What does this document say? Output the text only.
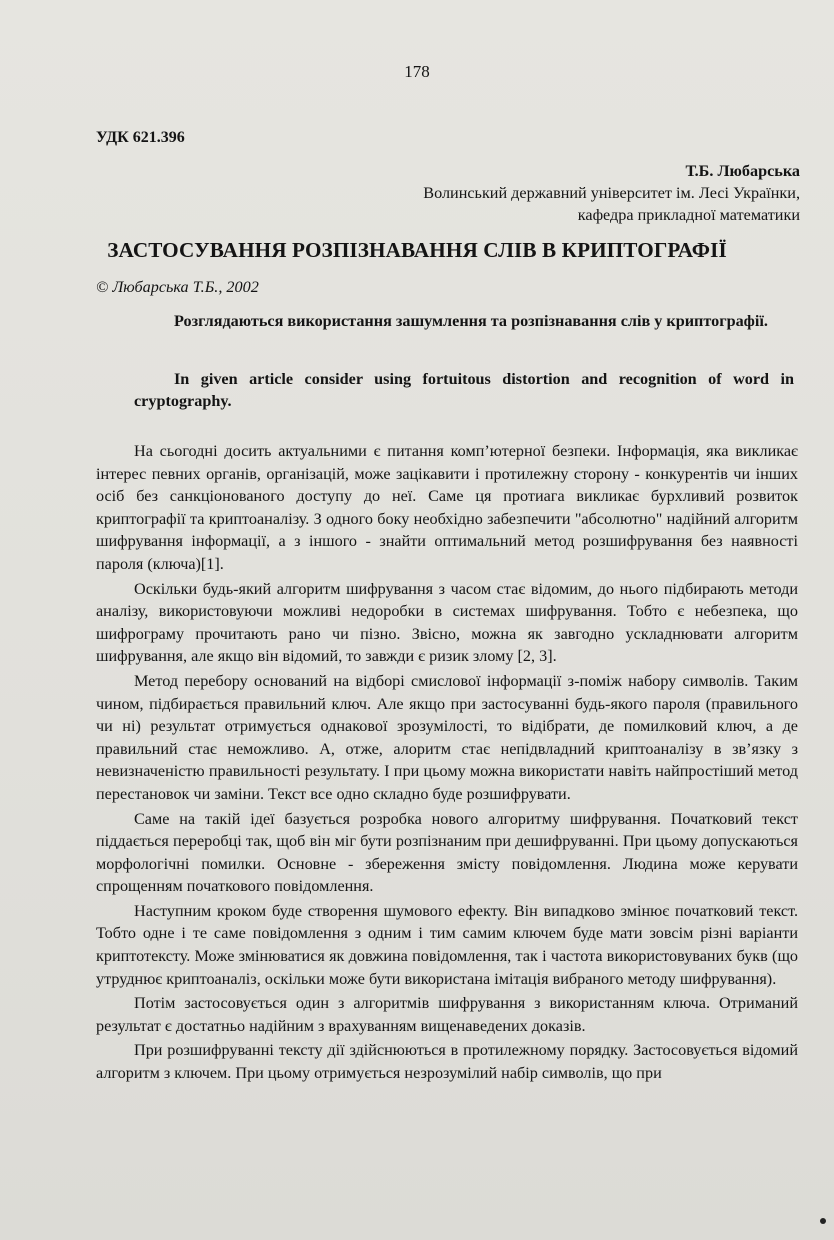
178
УДК 621.396
Т.Б. Любарська
Волинський державний університет ім. Лесі Українки,
кафедра прикладної математики
ЗАСТОСУВАННЯ РОЗПІЗНАВАННЯ СЛІВ В КРИПТОГРАФІЇ
© Любарська Т.Б., 2002

Розглядаються використання зашумлення та розпізнавання слів у криптографії.

In given article consider using fortuitous distortion and recognition of word in cryptography.

На сьогодні досить актуальними є питання комп’ютерної безпеки. Інформація, яка викликає інтерес певних органів, організацій, може зацікавити і протилежну сторону - конкурентів чи інших осіб без санкціонованого доступу до неї. Саме ця протиага викликає бурхливий розвиток криптографії та криптоаналізу. З одного боку необхідно забезпечити "абсолютно" надійний алгоритм шифрування інформації, а з іншого - знайти оптимальний метод розшифрування без наявності пароля (ключа)[1].

Оскільки будь-який алгоритм шифрування з часом стає відомим, до нього підбирають методи аналізу, використовуючи можливі недоробки в системах шифрування. Тобто є небезпека, що шифрограму прочитають рано чи пізно. Звісно, можна як завгодно ускладнювати алгоритм шифрування, але якщо він відомий, то завжди є ризик злому [2, 3].

Метод перебору оснований на відборі смислової інформації з-поміж набору символів. Таким чином, підбирається правильний ключ. Але якщо при застосуванні будь-якого пароля (правильного чи ні) результат отримується однакової зрозумілості, то відібрати, де помилковий ключ, а де правильний стає неможливо. А, отже, алоритм стає непідвладний криптоаналізу в зв’язку з невизначеністю правильності результату. І при цьому можна використати навіть найпростіший метод перестановок чи заміни. Текст все одно складно буде розшифрувати.

Саме на такій ідеї базується розробка нового алгоритму шифрування. Початковий текст піддається переробці так, щоб він міг бути розпізнаним при дешифруванні. При цьому допускаються морфологічні помилки. Основне - збереження змісту повідомлення. Людина може керувати спрощенням початкового повідомлення.

Наступним кроком буде створення шумового ефекту. Він випадково змінює початковий текст. Тобто одне і те саме повідомлення з одним і тим самим ключем буде мати зовсім різні варіанти криптотексту. Може змінюватися як довжина повідомлення, так і частота використовуваних букв (що утруднює криптоаналіз, оскільки може бути використана імітація вибраного методу шифрування).

Потім застосовується один з алгоритмів шифрування з використанням ключа. Отриманий результат є достатньо надійним з врахуванням вищенаведених доказів.

При розшифруванні тексту дії здійснюються в протилежному порядку. Застосовується відомий алгоритм з ключем. При цьому отримується незрозумілий набір символів, що при
